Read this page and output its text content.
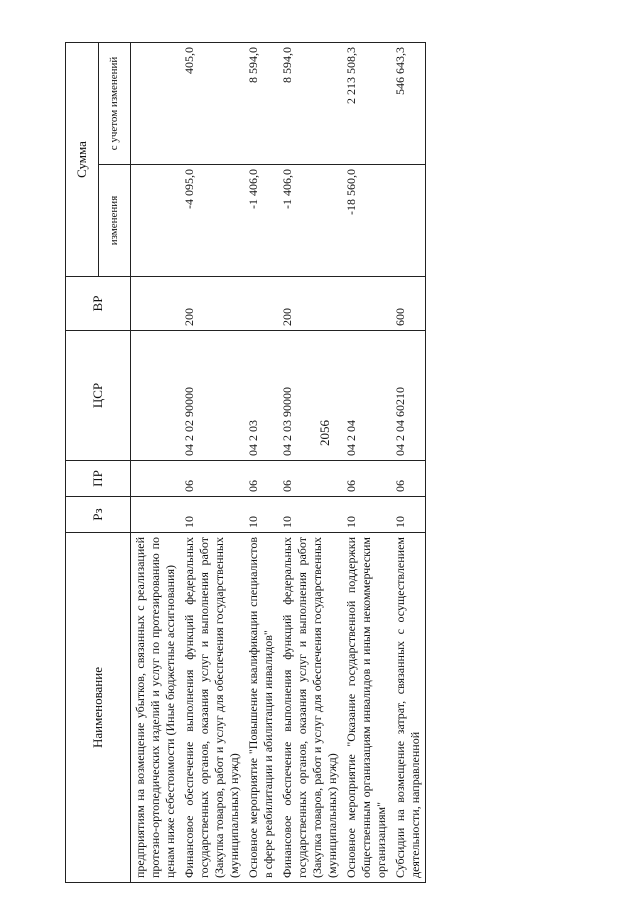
2056
Наименование	Рз	ПР	ЦСР	ВР	Сумма	
					изменения	с учетом изменений
предприятиям на возмещение убытков, связанных с реализацией протезно-ортопедических изделий и услуг по протезированию по ценам ниже себестоимости (Иные бюджетные ассигнования)						
Финансовое обеспечение выполнения функций федеральных государственных органов, оказания услуг и выполнения работ (Закупка товаров, работ и услуг для обеспечения государственных (муниципальных) нужд)	10	06	04 2 02 90000	200	-4 095,0	405,0
Основное мероприятие "Повышение квалификации специалистов в сфере реабилитации и абилитации инвалидов"	10	06	04 2 03		-1 406,0	8 594,0
Финансовое обеспечение выполнения функций федеральных государственных органов, оказания услуг и выполнения работ (Закупка товаров, работ и услуг для обеспечения государственных (муниципальных) нужд)	10	06	04 2 03 90000	200	-1 406,0	8 594,0
Основное мероприятие "Оказание государственной поддержки общественным организациям инвалидов и иным некоммерческим организациям"	10	06	04 2 04		-18 560,0	2 213 508,3
Субсидии на возмещение затрат, связанных с осуществлением деятельности, направленной	10	06	04 2 04 60210	600		546 643,3
